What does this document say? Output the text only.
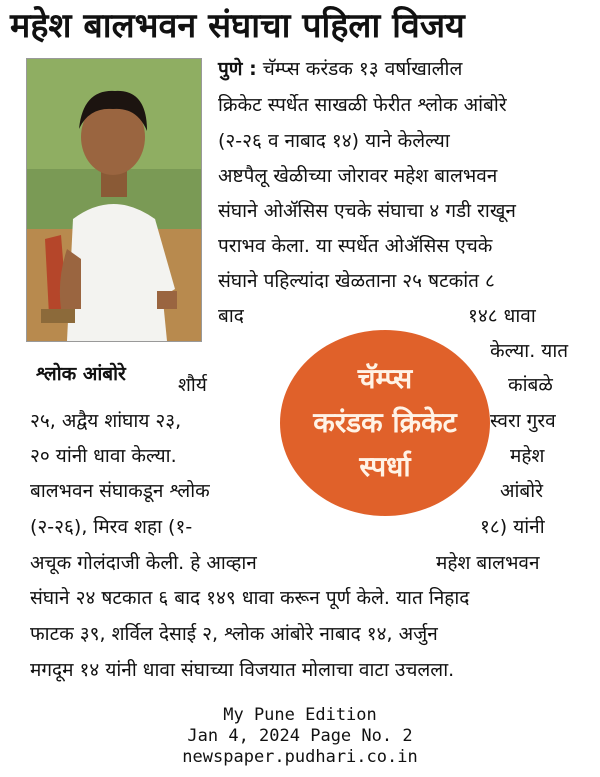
महेश बालभवन संघाचा पहिला विजय
श्लोक आंबोरे
पुणे : चॅम्प्स करंडक १३ वर्षाखालील
क्रिकेट स्पर्धेत साखळी फेरीत श्लोक आंबोरे
(२-२६ व नाबाद १४) याने केलेल्या
अष्टपैलू खेळीच्या जोरावर महेश बालभवन
संघाने ओॲसिस एचके संघाचा ४ गडी राखून
पराभव केला. या स्पर्धेत ओॲसिस एचके
संघाने पहिल्यांदा खेळताना २५ षटकांत ८
बाद	१४८ धावा
केल्या. यात
शौर्य	कांबळे
२५, अद्वैय शांघाय २३,	स्वरा गुरव
२० यांनी धावा केल्या.	महेश
बालभवन संघाकडून श्लोक	आंबोरे
(२-२६), मिरव शहा (१-	१८) यांनी
अचूक गोलंदाजी केली. हे आव्हान	महेश बालभवन
संघाने २४ षटकात ६ बाद १४९ धावा करून पूर्ण केले. यात निहाद
फाटक ३९, शर्विल देसाई २, श्लोक आंबोरे नाबाद १४, अर्जुन
मगदूम १४ यांनी धावा संघाच्या विजयात मोलाचा वाटा उचलला.
चॅम्प्स
करंडक क्रिकेट
स्पर्धा
My Pune Edition
Jan 4, 2024 Page No. 2
newspaper.pudhari.co.in
